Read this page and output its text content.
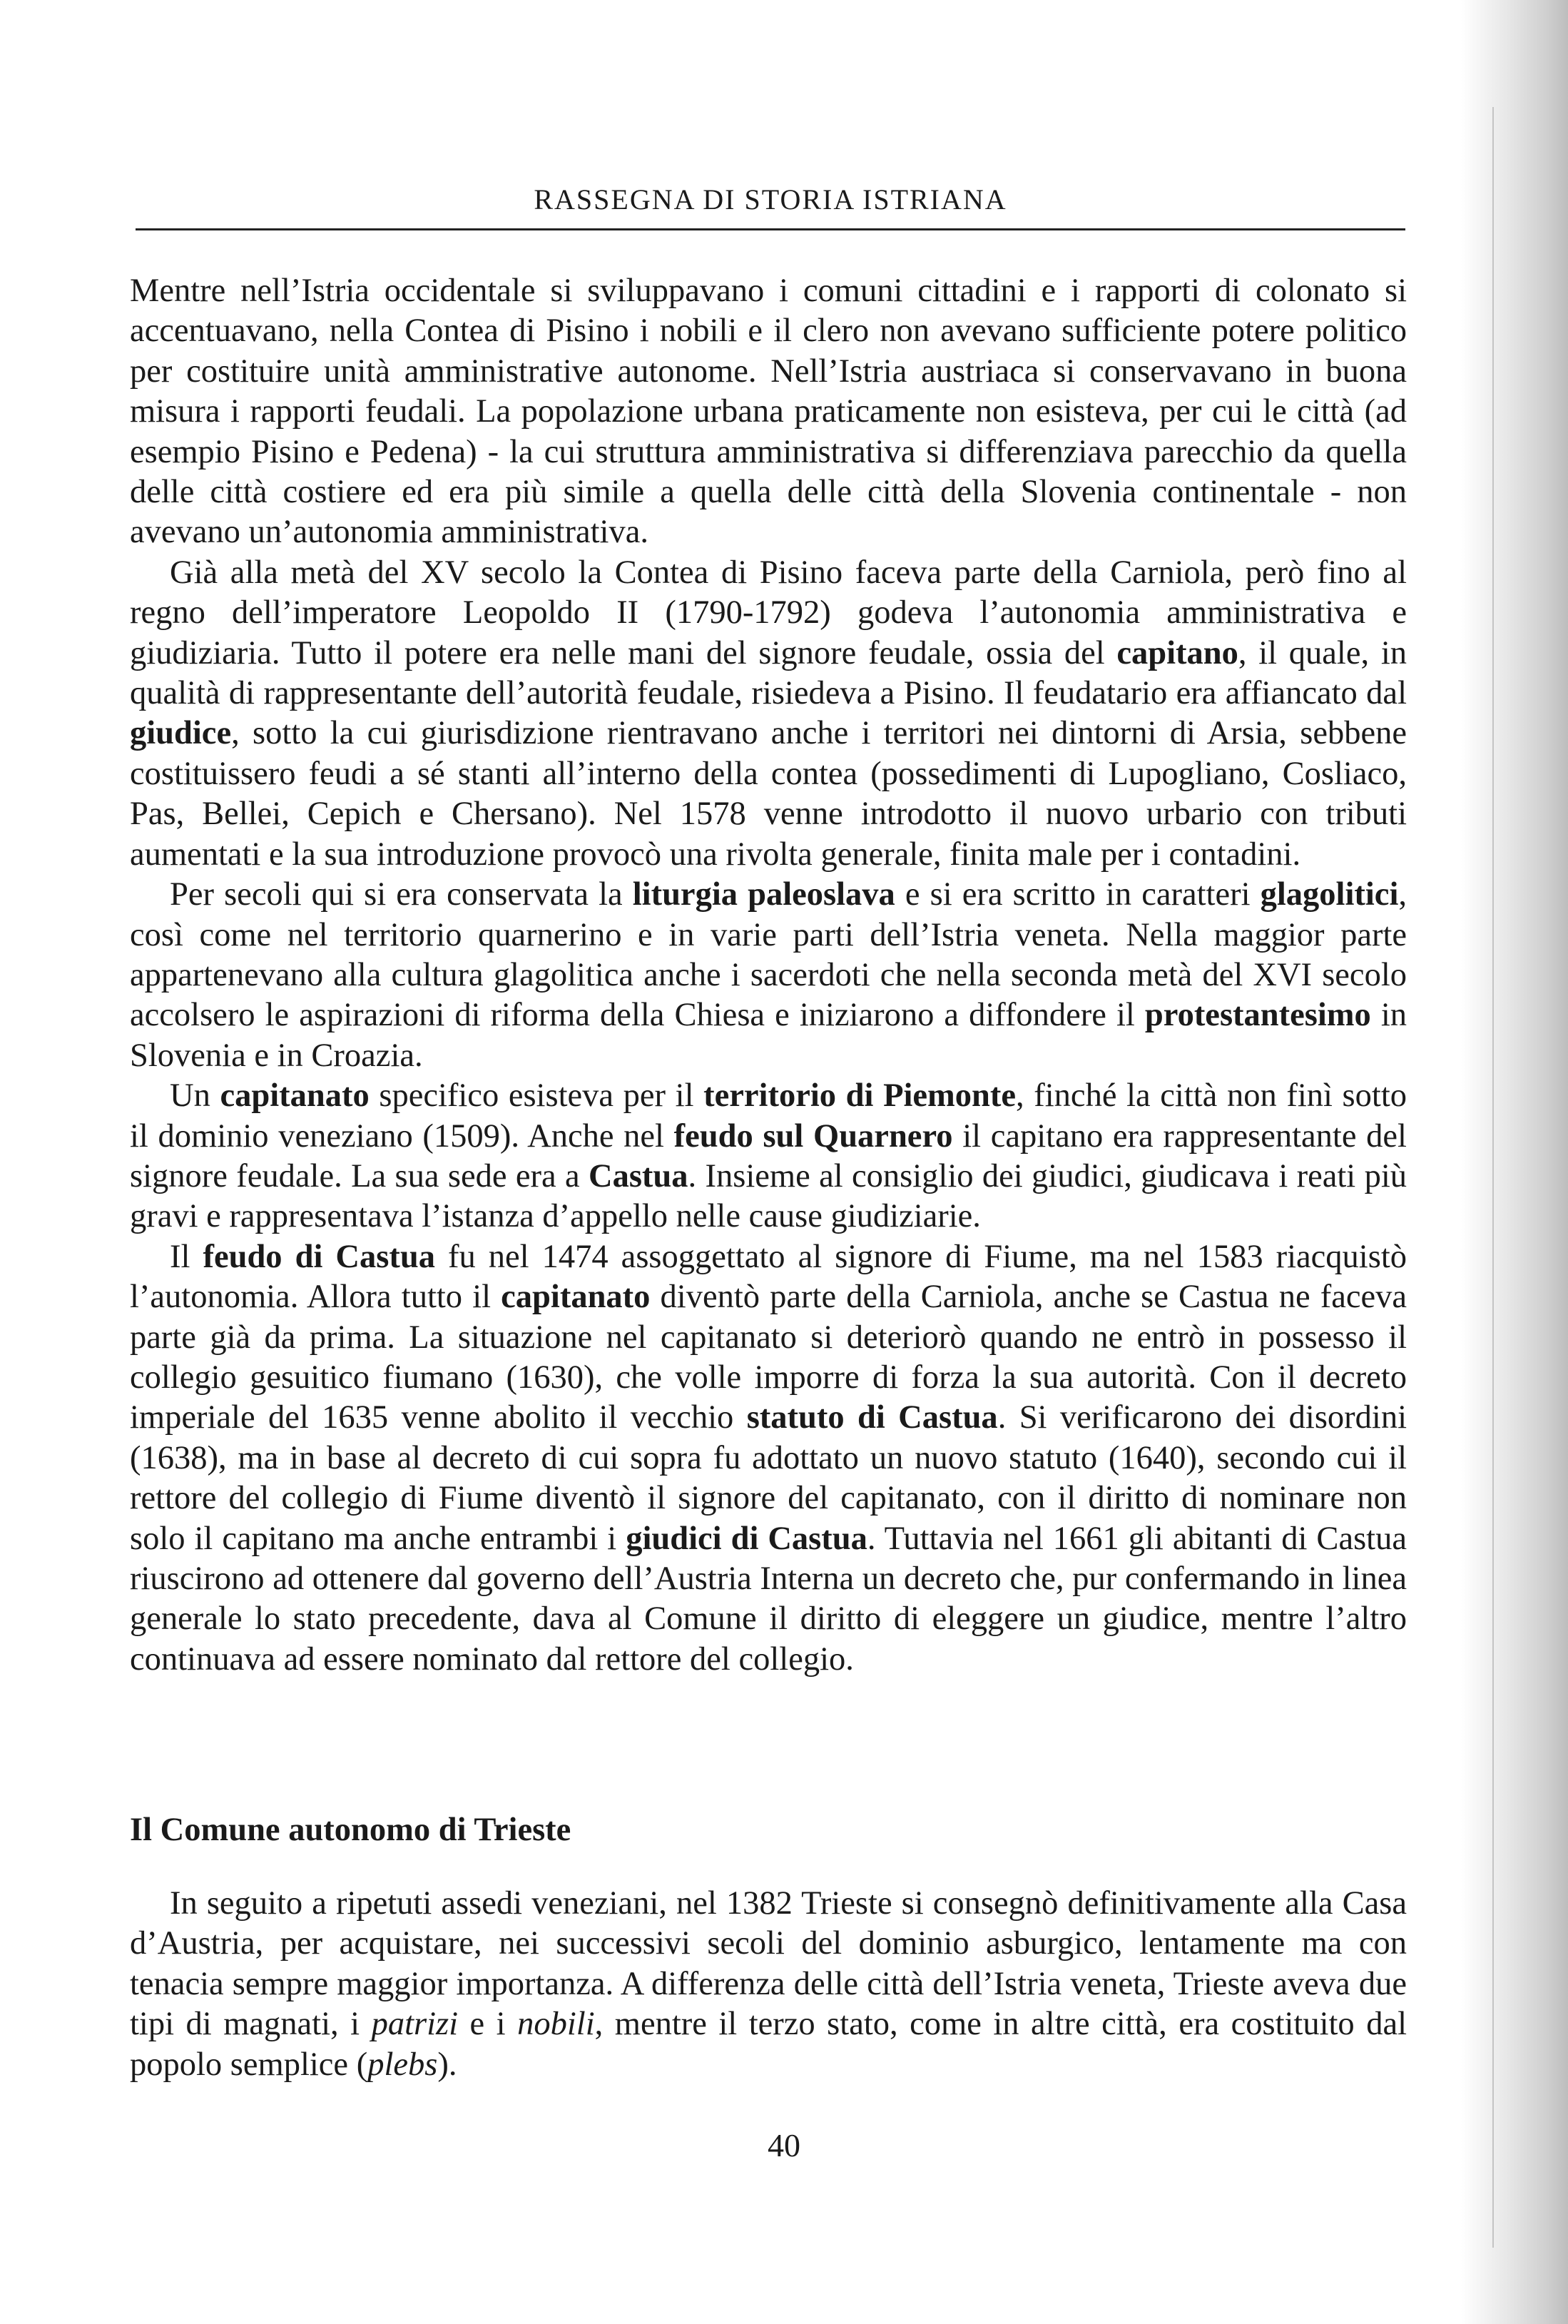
RASSEGNA DI STORIA ISTRIANA

Mentre nell’Istria occidentale si sviluppavano i comuni cittadini e i rapporti di colonato si accentuavano, nella Contea di Pisino i nobili e il clero non avevano sufficiente potere politico per costituire unità amministrative autonome. Nell’Istria austriaca si conservavano in buona misura i rapporti feudali. La popolazione urbana praticamente non esisteva, per cui le città (ad esempio Pisino e Pedena) - la cui struttura amministrativa si differenziava parecchio da quella delle città costiere ed era più simile a quella delle città della Slovenia continentale - non avevano un’autonomia amministrativa.

Già alla metà del XV secolo la Contea di Pisino faceva parte della Carniola, però fino al regno dell’imperatore Leopoldo II (1790-1792) godeva l’autonomia amministrativa e giudiziaria. Tutto il potere era nelle mani del signore feudale, ossia del capitano, il quale, in qualità di rappresentante dell’autorità feudale, risiedeva a Pisino. Il feudatario era affiancato dal giudice, sotto la cui giurisdizione rientravano anche i territori nei dintorni di Arsia, sebbene costituissero feudi a sé stanti all’interno della contea (possedimenti di Lupogliano, Cosliaco, Pas, Bellei, Cepich e Chersano). Nel 1578 venne introdotto il nuovo urbario con tributi aumentati e la sua introduzione provocò una rivolta generale, finita male per i contadini.

Per secoli qui si era conservata la liturgia paleoslava e si era scritto in caratteri glagolitici, così come nel territorio quarnerino e in varie parti dell’Istria veneta. Nella maggior parte appartenevano alla cultura glagolitica anche i sacerdoti che nella seconda metà del XVI secolo accolsero le aspirazioni di riforma della Chiesa e iniziarono a diffondere il protestantesimo in Slovenia e in Croazia.

Un capitanato specifico esisteva per il territorio di Piemonte, finché la città non finì sotto il dominio veneziano (1509). Anche nel feudo sul Quarnero il capitano era rappresentante del signore feudale. La sua sede era a Castua. Insieme al consiglio dei giudici, giudicava i reati più gravi e rappresentava l’istanza d’appello nelle cause giudiziarie.

Il feudo di Castua fu nel 1474 assoggettato al signore di Fiume, ma nel 1583 riacquistò l’autonomia. Allora tutto il capitanato diventò parte della Carniola, anche se Castua ne faceva parte già da prima. La situazione nel capitanato si deteriorò quando ne entrò in possesso il collegio gesuitico fiumano (1630), che volle imporre di forza la sua autorità. Con il decreto imperiale del 1635 venne abolito il vecchio statuto di Castua. Si verificarono dei disordini (1638), ma in base al decreto di cui sopra fu adottato un nuovo statuto (1640), secondo cui il rettore del collegio di Fiume diventò il signore del capitanato, con il diritto di nominare non solo il capitano ma anche entrambi i giudici di Castua. Tuttavia nel 1661 gli abitanti di Castua riuscirono ad ottenere dal governo dell’Austria Interna un decreto che, pur confermando in linea generale lo stato precedente, dava al Comune il diritto di eleggere un giudice, mentre l’altro continuava ad essere nominato dal rettore del collegio.

Il Comune autonomo di Trieste

In seguito a ripetuti assedi veneziani, nel 1382 Trieste si consegnò definitivamente alla Casa d’Austria, per acquistare, nei successivi secoli del dominio asburgico, lentamente ma con tenacia sempre maggior importanza. A differenza delle città dell’Istria veneta, Trieste aveva due tipi di magnati, i patrizi e i nobili, mentre il terzo stato, come in altre città, era costituito dal popolo semplice (plebs).

40
